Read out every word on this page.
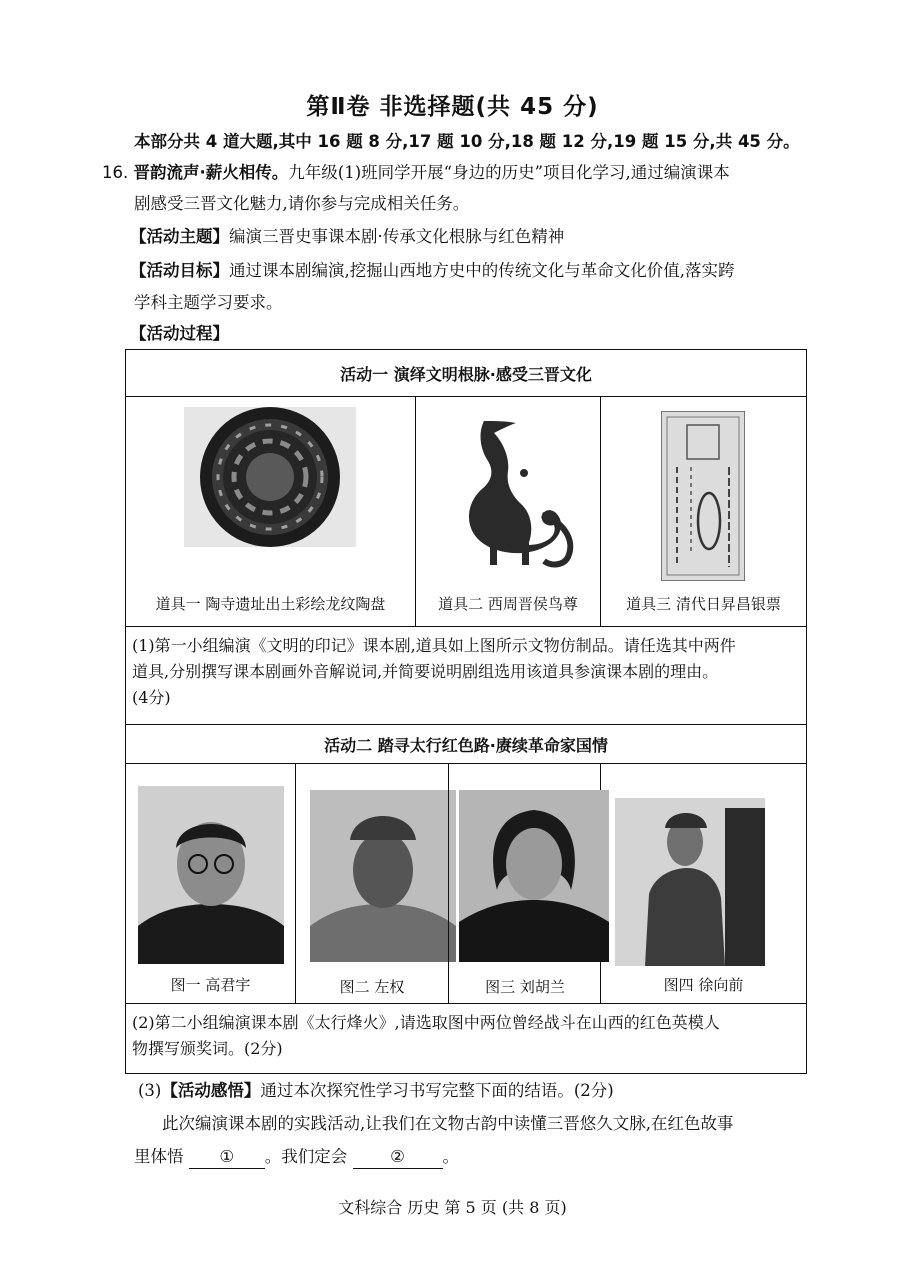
第Ⅱ卷 非选择题(共 45 分)
本部分共 4 道大题,其中 16 题 8 分,17 题 10 分,18 题 12 分,19 题 15 分,共 45 分。
16. 晋韵流声·薪火相传。九年级(1)班同学开展“身边的历史”项目化学习,通过编演课本
剧感受三晋文化魅力,请你参与完成相关任务。
【活动主题】编演三晋史事课本剧·传承文化根脉与红色精神
【活动目标】通过课本剧编演,挖掘山西地方史中的传统文化与革命文化价值,落实跨
学科主题学习要求。
【活动过程】
活动一 演绎文明根脉·感受三晋文化			

道具一 陶寺遗址出土彩绘龙纹陶盘		道具二 西周晋侯鸟尊	道具三 清代日昇昌银票

(1)第一小组编演《文明的印记》课本剧,道具如上图所示文物仿制品。请任选其中两件
道具,分别撰写课本剧画外音解说词,并简要说明剧组选用该道具参演课本剧的理由。
(4分)			

活动二 踏寻太行红色路·赓续革命家国情			

图一 高君宇	图二 左权 图三 刘胡兰		图四 徐向前

(2)第二小组编演课本剧《太行烽火》,请选取图中两位曾经战斗在山西的红色英模人
物撰写颁奖词。(2分)			
(3)【活动感悟】通过本次探究性学习书写完整下面的结语。(2分)
此次编演课本剧的实践活动,让我们在文物古韵中读懂三晋悠久文脉,在红色故事
里体悟 ① 。我们定会	② 。
文科综合 历史 第 5 页 (共 8 页)
